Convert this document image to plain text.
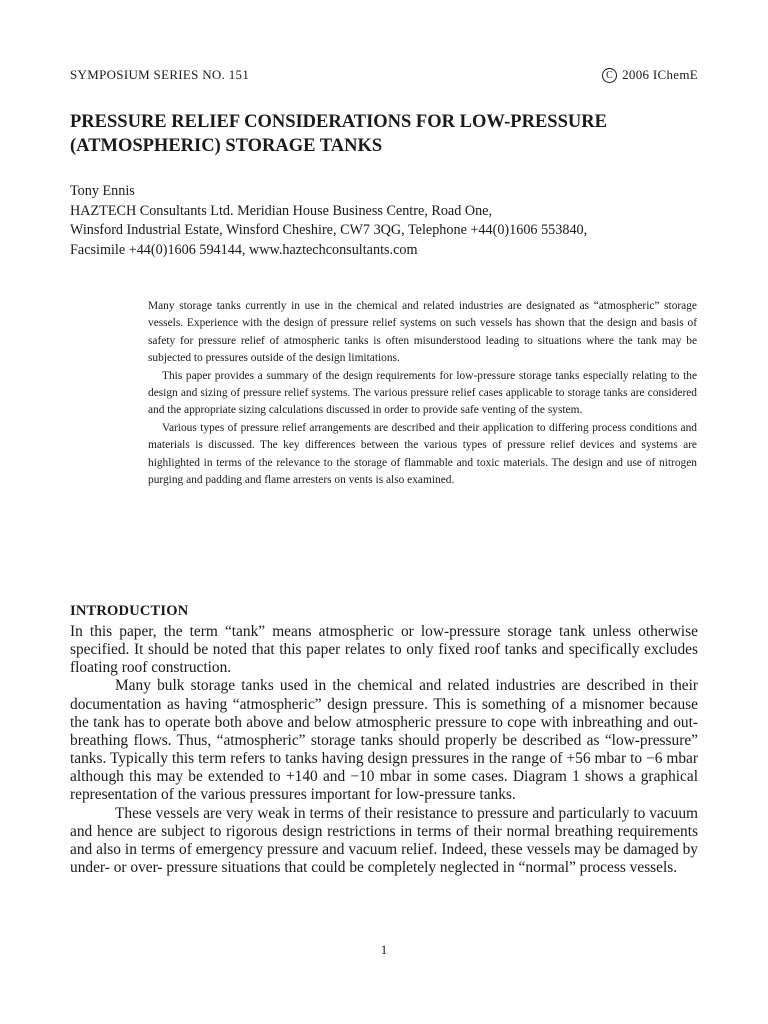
SYMPOSIUM SERIES NO. 151	C 2006 IChemE
PRESSURE RELIEF CONSIDERATIONS FOR LOW-PRESSURE
(ATMOSPHERIC) STORAGE TANKS
Tony Ennis
HAZTECH Consultants Ltd. Meridian House Business Centre, Road One,
Winsford Industrial Estate, Winsford Cheshire, CW7 3QG, Telephone +44(0)1606 553840,
Facsimile +44(0)1606 594144, www.haztechconsultants.com

Many storage tanks currently in use in the chemical and related industries are designated as “atmospheric” storage vessels. Experience with the design of pressure relief systems on such vessels has shown that the design and basis of safety for pressure relief of atmospheric tanks is often misunderstood leading to situations where the tank may be subjected to pressures outside of the design limitations.

This paper provides a summary of the design requirements for low-pressure storage tanks especially relating to the design and sizing of pressure relief systems. The various pressure relief cases applicable to storage tanks are considered and the appropriate sizing calculations discussed in order to provide safe venting of the system.

Various types of pressure relief arrangements are described and their application to differing process conditions and materials is discussed. The key differences between the various types of pressure relief devices and systems are highlighted in terms of the relevance to the storage of flammable and toxic materials. The design and use of nitrogen purging and padding and flame arresters on vents is also examined.

INTRODUCTION

In this paper, the term “tank” means atmospheric or low-pressure storage tank unless otherwise specified. It should be noted that this paper relates to only fixed roof tanks and specifically excludes floating roof construction.

Many bulk storage tanks used in the chemical and related industries are described in their documentation as having “atmospheric” design pressure. This is something of a misnomer because the tank has to operate both above and below atmospheric pressure to cope with inbreathing and out-breathing flows. Thus, “atmospheric” storage tanks should properly be described as “low-pressure” tanks. Typically this term refers to tanks having design pressures in the range of +56 mbar to −6 mbar although this may be extended to +140 and −10 mbar in some cases. Diagram 1 shows a graphical representation of the various pressures important for low-pressure tanks.

These vessels are very weak in terms of their resistance to pressure and particularly to vacuum and hence are subject to rigorous design restrictions in terms of their normal breathing requirements and also in terms of emergency pressure and vacuum relief. Indeed, these vessels may be damaged by under- or over- pressure situations that could be completely neglected in “normal” process vessels.

1
